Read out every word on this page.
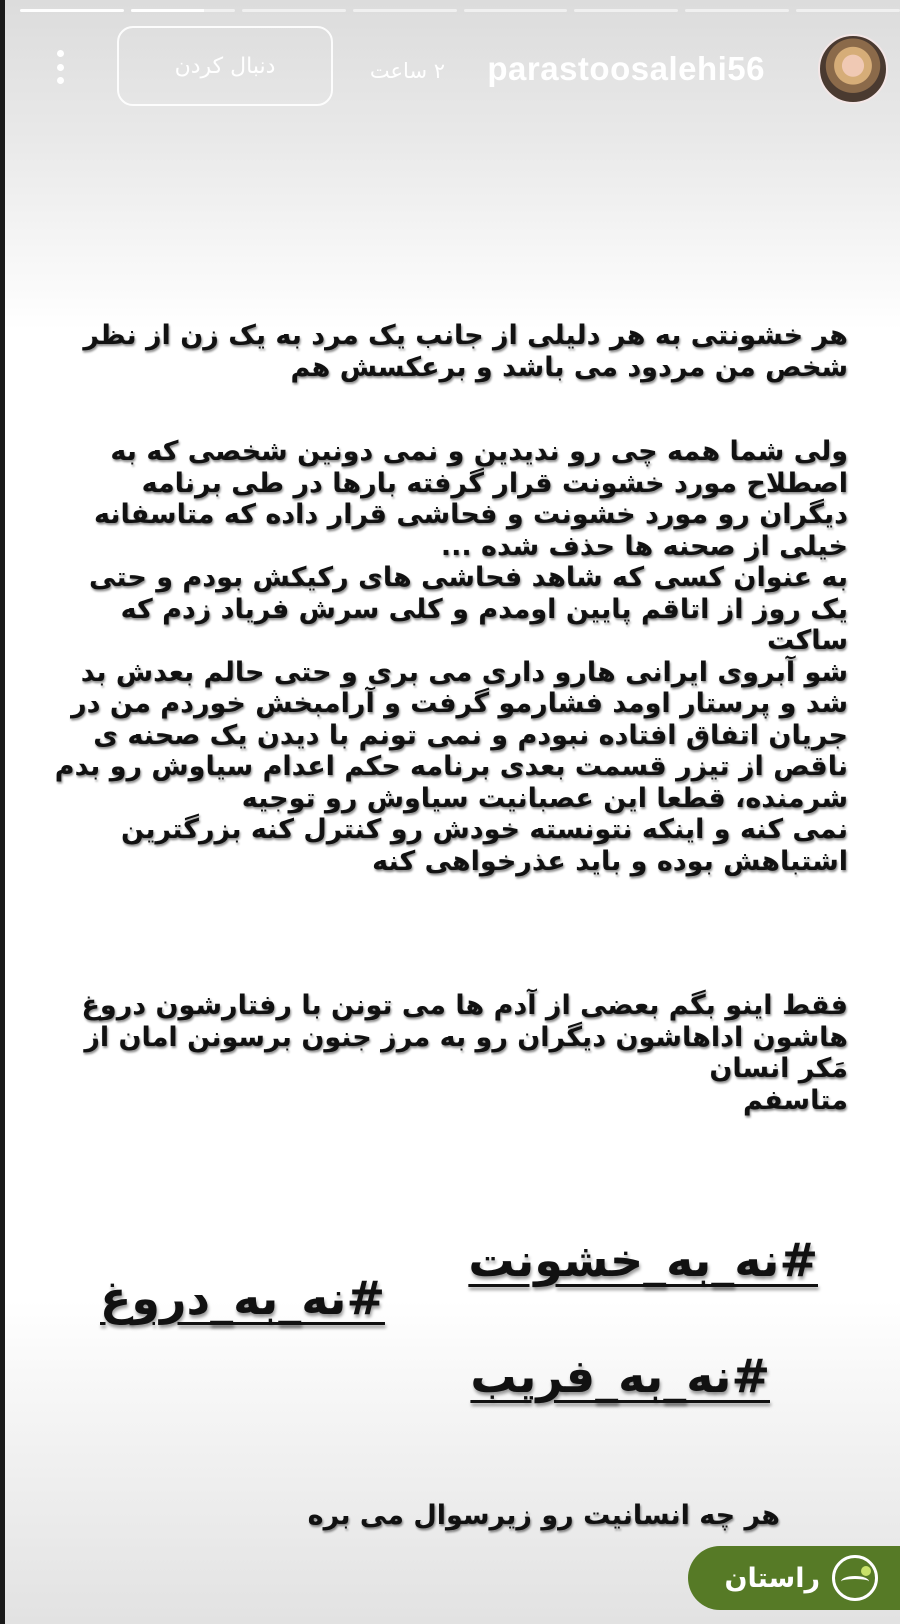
parastoosalehi56
۲ ساعت
دنبال کردن

هر خشونتی به هر دلیلی از جانب یک مرد به یک زن از نظر

شخص من مردود می باشد و برعکسش هم

ولی شما همه چی رو ندیدین و نمی دونین شخصی که به

اصطلاح مورد خشونت قرار گرفته بارها در طی برنامه

دیگران رو مورد خشونت و فحاشی قرار داده که متاسفانه

خیلی از صحنه ها حذف شده ...

به عنوان کسی که شاهد فحاشی های رکیکش بودم و حتی

یک روز از اتاقم پایین اومدم و کلی سرش فریاد زدم که ساکت

شو آبروی ایرانی هارو داری می بری و حتی حالم بعدش بد

شد و پرستار اومد فشارمو گرفت و آرامبخش خوردم من در

جریان اتفاق افتاده نبودم و نمی تونم با دیدن یک صحنه ی

ناقص از تیزر قسمت بعدی برنامه حکم اعدام سیاوش رو بدم

شرمنده، قطعا این عصبانیت سیاوش رو توجیه

نمی کنه و اینکه نتونسته خودش رو کنترل کنه بزرگترین

اشتباهش بوده و باید عذرخواهی کنه

فقط اینو بگم بعضی از آدم ها می تونن با رفتارشون دروغ

هاشون اداهاشون دیگران رو به مرز جنون برسونن امان از

مَکر انسان

متاسفم

#نه_به_خشونت
#نه_به_دروغ
#نه_به_فریب
هر چه انسانیت رو زیرسوال می بره
راستان
